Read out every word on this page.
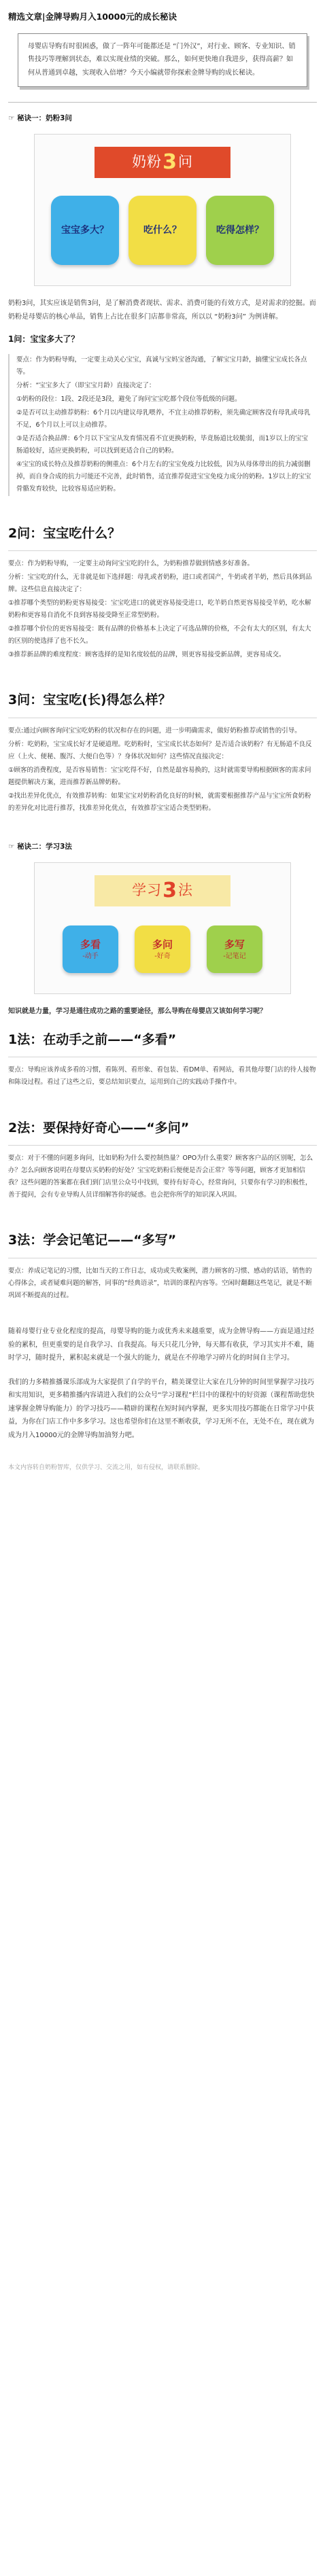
精选文章|金牌导购月入10000元的成长秘诀
母婴店导购有时很困惑，做了一阵年可能都还是 “门外汉”，对行业、顾客、专业知识、销售技巧等理解到状态，难以实现业绩的突破。那么，如何更快地自我进步，获得高薪？如何从普通到卓越，实现收入倍增？今天小编就带你探索金牌导购的成长秘诀。
☞ 秘诀一：奶粉3问
奶粉 3 问
宝宝多大？	吃什么？	吃得怎样？
奶粉3问，其实应该是销售3问，是了解消费者现状、需求、消费可能的有效方式，是对需求的挖掘。而奶粉是母婴店的核心单品，销售上占比在很多门店都非常高，所以以 “奶粉3问” 为例讲解。
1问：宝宝多大了？

要点：作为奶粉导购，一定要主动关心宝宝，真诚与宝妈宝爸沟通，了解宝宝月龄，搞懂宝宝成长各点等。

分析：“宝宝多大了（即宝宝月龄）直接决定了：

①奶粉的段位：1段、2段还是3段，避免了询问宝宝吃都个段位等低级的问题。

②是否可以主动推荐奶粉：6个月以内建议母乳喂养，不宜主动推荐奶粉，须先确定顾客没有母乳或母乳不足，6个月以上可以主动推荐。

③是否适合换品牌：6个月以下宝宝从发育情况看不宜更换奶粉，毕竟肠道比较脆弱，而1岁以上的宝宝肠道较好，适应更换奶粉，可以找到更适合自己的奶粉。

④宝宝的成长特点及推荐奶粉的侧重点：6个月左右的宝宝免疫力比较低，因为从母体带出的抗力减弱删掉，而自身合成的抗力可能还不完善，此时销售，适宜推荐促进宝宝免疫力成分的奶粉。1岁以上的宝宝骨骼发育较快，比较容易适应奶粉。

2问：宝宝吃什么？

要点：作为奶粉导购，一定要主动询问宝宝吃的什么，为奶粉推荐做到情感多好准备。

分析：宝宝吃的什么，无非就是如下选择题：母乳或者奶粉，进口或者国产，牛奶或者羊奶，然后具体到品牌。这些信息直接决定了：

①推荐哪个类型的奶粉更容易接受：宝宝吃进口的就更容易接受进口，吃羊奶自然更容易接受羊奶，吃水解奶粉和更容易自消化不良到容易接受降至正常型奶粉。

②推荐哪个价位的更容易接受：既有品牌的价格基本上决定了可选品牌的价格，不会有太大的区别，有太大的区别的使选择了也不长久。

③推荐新品牌的难度程度：顾客选择的是知名度较低的品牌，则更容易接受新品牌，更容易成交。

3问：宝宝吃(长)得怎么样？

要点:通过向顾客询问宝宝吃奶粉的状况和存在的问题，进一步明确需求，做好奶粉推荐或销售的引导。

分析：吃奶粉，宝宝成长好才是硬道理。吃奶粉时，宝宝成长状态如何？是否适合该奶粉？有无肠道不良反应（上火、便秘、腹泻、大便白色等）？身体状况如何？这些情况直接决定：

①顾客的消费程度，是否容易销售：宝宝吃得不好，自然是最容易换的，这时就需要导购根据顾客的需求问题提供解决方案，进而推荐新品牌奶粉。

②找出差异化优点，有效推荐转购：如果宝宝对奶粉消化良好的时候，就需要根据推荐产品与宝宝所食奶粉的差异化对比进行推荐，找准差异化优点，有效推荐宝宝适合类型奶粉。

☞ 秘诀二：学习3法
学习 3 法
多看
-动手
多问
-好奇
多写
-记笔记
知识就是力量，学习是通往成功之路的重要途径，那么导购在母婴店又该如何学习呢？
1法：在动手之前——“多看”

要点：导购应该养成多看的习惯，看陈列、看形象、看包装、看DM单、看网站，看其他母婴门店的待人接物和陈设过程。看过了这些之后，要总结知识要点，运用到自己的实践动手操作中。

2法：要保持好奇心——“多问”

要点：对于不懂的问题多询问，比如奶粉为什么要控制热量？OPO为什么重要？顾客客户品的区别呢，怎么办？怎么向顾客说明在母婴店买奶粉的好处？宝宝吃奶粉后便便是否会正常？等等问题，顾客才更加相信我？这些问题的答案都在我们到门店里公众号中找到，要持有好奇心，经常询问，只要你有学习的积极性，善于提问，会有专业导购人员详细解答你的疑惑。也会把你所学的知识深入巩固。

3法：学会记笔记——“多写”

要点：养成记笔记的习惯，比如当天的工作日志，成功或失败案例，潜力顾客的习惯、感动的话语，销售的心得体会，或者疑难问题的解答，同事的“经典语录”，培训的课程内容等。空闲时翻翻这些笔记，就是不断巩固不断提高的过程。

随着母婴行业专业化程度的提高，母婴导购的能力或优秀未来越重要，成为金牌导购——方面是通过经验的累积，但更重要的是自我学习、自我提高。每天只花几分钟，每天都有收获，学习其实并不难，随时学习，随时提升，累积起来就是一个强大的能力，就是在不停地学习碎片化的时间自主学习。
我们的力多精推播课乐部成为大家提供了自学的平台，精美课堂让大家在几分钟的时间里掌握学习技巧和实用知识，更多精推播内容请进入我们的公众号“学习课程”栏目中的课程中的好资源（课程帮助您快速掌握金牌导购能力）的学习技巧——精辟的课程在短时间内掌握，更多实用技巧都能在日常学习中获益，为你在门店工作中多多学习。这也希望你们在这里不断收获，学习无所不在，无处不在，现在就为成为月入10000元的金牌导购加油努力吧。
本文内容转自奶粉智库，仅供学习、交流之用，如有侵权，请联系删除。
